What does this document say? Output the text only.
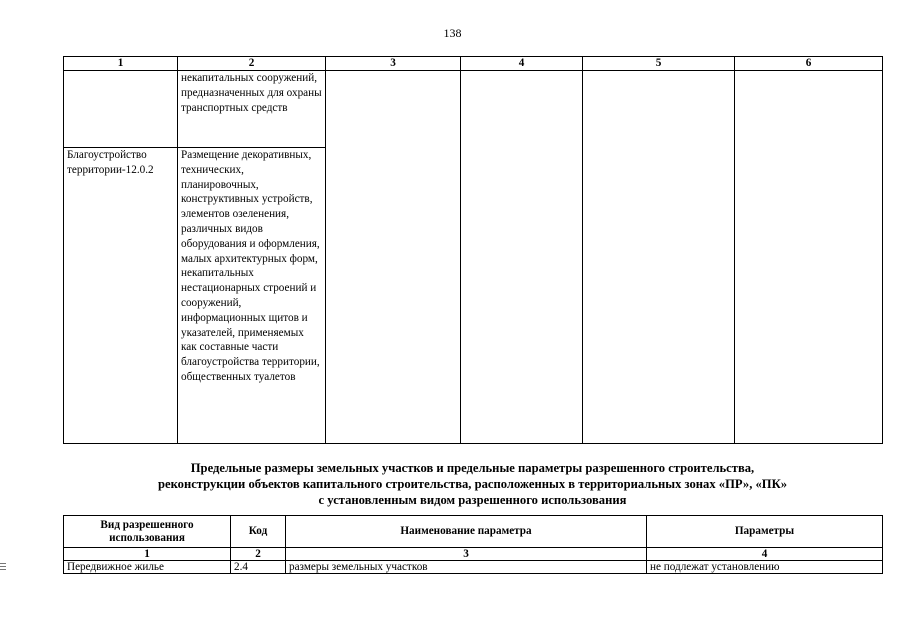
138
1	2	3	4	5	6
	некапитальных сооружений, предназначенных для охраны транспортных средств				
Благоустройство территории-12.0.2	Размещение декоративных, технических, планировочных, конструктивных устройств, элементов озеленения, различных видов оборудования и оформления, малых архитектурных форм, некапитальных нестационарных строений и сооружений, информационных щитов и указателей, применяемых как составные части благоустройства территории, общественных туалетов				
Предельные размеры земельных участков и предельные параметры разрешенного строительства,
реконструкции объектов капитального строительства, расположенных в территориальных зонах «ПР», «ПК»
с установленным видом разрешенного использования
Вид разрешенного использования	Код	Наименование параметра	Параметры
1	2	3	4
Передвижное жилье	2.4	размеры земельных участков	не подлежат установлению
